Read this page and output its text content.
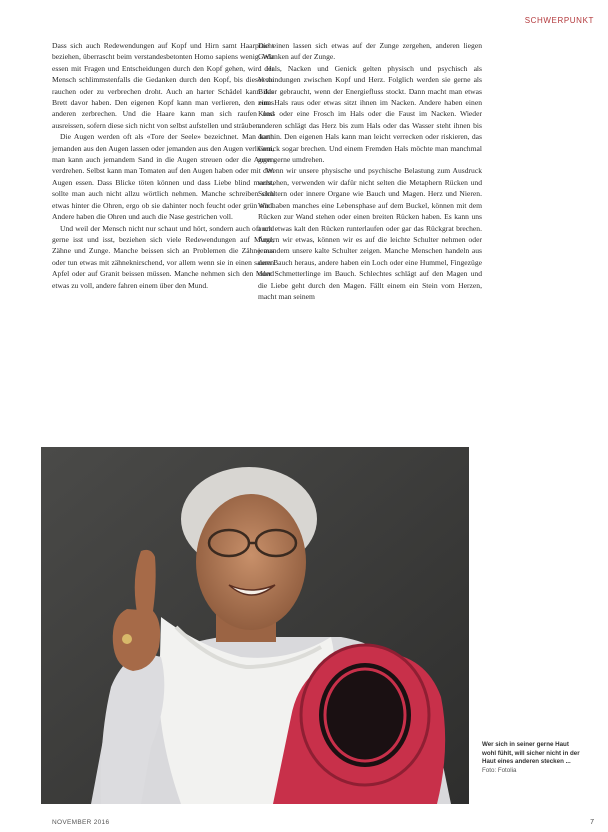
SCHWERPUNKT

Dass sich auch Redewendungen auf Kopf und Hirn samt Haarpracht beziehen, überrascht beim verstandesbetonten Homo sapiens wenig. Wir essen mit Fragen und Entscheidungen durch den Kopf gehen, wird der Mensch schlimmstenfalls die Gedanken durch den Kopf, bis dieser zu rauchen oder zu verbrechen droht. Auch an harter Schädel kann das Brett davor haben. Den eigenen Kopf kann man verlieren, den eines anderen zerbrechen. Und die Haare kann man sich raufen und ausreissen, sofern diese sich nicht von selbst aufstellen und sträuben.

Die Augen werden oft als «Tore der Seele» bezeichnet. Man kann jemanden aus den Augen lassen oder jemanden aus den Augen verlieren, man kann auch jemandem Sand in die Augen streuen oder die Augen verdrehen. Selbst kann man Tomaten auf den Augen haben oder mit den Augen essen. Dass Blicke töten können und dass Liebe blind macht, sollte man auch nicht allzu wörtlich nehmen. Manche schreiben sich etwas hinter die Ohren, ergo ob sie dahinter noch feucht oder grün sind. Andere haben die Ohren und auch die Nase gestrichen voll.

Und weil der Mensch nicht nur schaut und hört, sondern auch oft und gerne isst und isst, beziehen sich viele Redewendungen auf Mund, Zähne und Zunge. Manche beissen sich an Problemen die Zähne aus oder tun etwas mit zähneknirschend, vor allem wenn sie in einen sauren Apfel oder auf Granit beissen müssen. Manche nehmen sich den Mund etwas zu voll, andere fahren einem über den Mund.

Die einen lassen sich etwas auf der Zunge zergehen, anderen liegen Gedanken auf der Zunge.

Hals, Nacken und Genick gelten physisch und psychisch als Verbindungen zwischen Kopf und Herz. Folglich werden sie gerne als Bilder gebraucht, wenn der Energiefluss stockt. Dann macht man etwas zum Hals raus oder etwas sitzt ihnen im Nacken. Andere haben einen Kloss oder eine Frosch im Hals oder die Faust im Nacken. Wieder anderen schlägt das Herz bis zum Hals oder das Wasser steht ihnen bis dorthin. Den eigenen Hals kann man leicht verrecken oder riskieren, das Genick sogar brechen. Und einem Fremden Hals möchte man manchmal gern gerne umdrehen.

Wenn wir unsere physische und psychische Belastung zum Ausdruck verstehen, verwenden wir dafür nicht selten die Metaphern Rücken und Schultern oder innere Organe wie Bauch und Magen. Herz und Nieren. Wir haben manches eine Lebensphase auf dem Buckel, können mit dem Rücken zur Wand stehen oder einen breiten Rücken haben. Es kann uns auch etwas kalt den Rücken runterlaufen oder gar das Rückgrat brechen. Ärgern wir etwas, können wir es auf die leichte Schulter nehmen oder jemandem unsere kalte Schulter zeigen. Manche Menschen handeln aus dem Bauch heraus, andere haben ein Loch oder eine Hummel, Fingezüge oder Schmetterlinge im Bauch. Schlechtes schlägt auf den Magen und die Liebe geht durch den Magen. Fällt einem ein Stein vom Herzen, macht man seinem

Wer sich in seiner gerne Haut wohl fühlt, will sicher nicht in der Haut eines anderen stecken ...
Foto: Fotolia
NOVEMBER 2016	7
